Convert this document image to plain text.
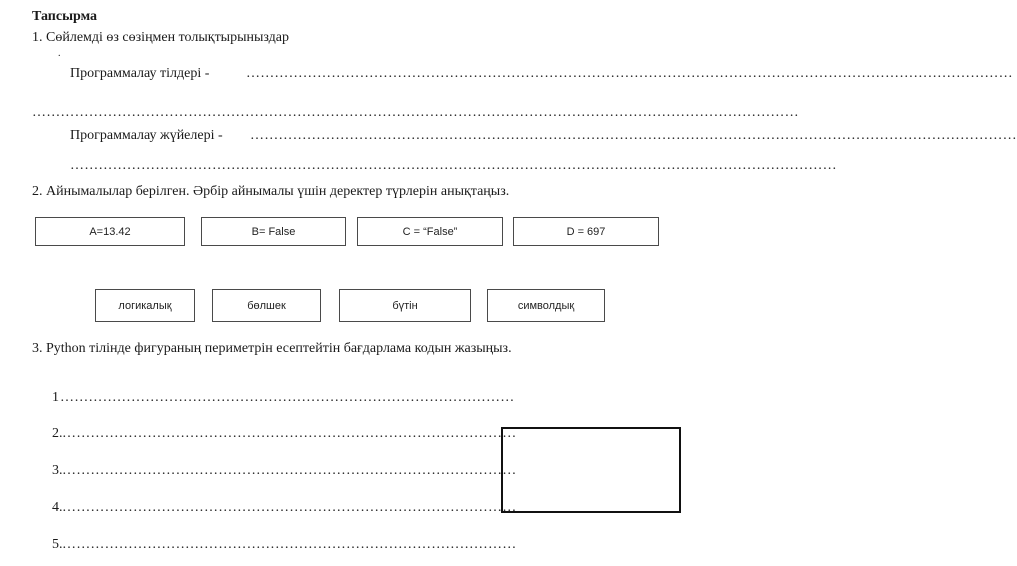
Тапсырма
1. Сөйлемді өз сөзіңмен толықтырыныздар
.
Программалау тілдері -	………………………………………………………………………………………………………………………………………………
………………………………………………………………………………………………………………………………………………
Программалау жүйелері - ………………………………………………………………………………………………………………………………………………
………………………………………………………………………………………………………………………………………………
2. Айнымалылар берілген. Әрбір айнымалы үшін деректер түрлерін анықтаңыз.
A=13.42	B= False	C = “False”	D = 697
логикалық	бөлшек	бүтін	символдық
3. Python тілінде фигураның периметрін есептейтін бағдарлама кодын жазыңыз.
1 ……………………………………………………………………………………
2. ……………………………………………………………………………………
3. ……………………………………………………………………………………
4. ……………………………………………………………………………………
5. ……………………………………………………………………………………
